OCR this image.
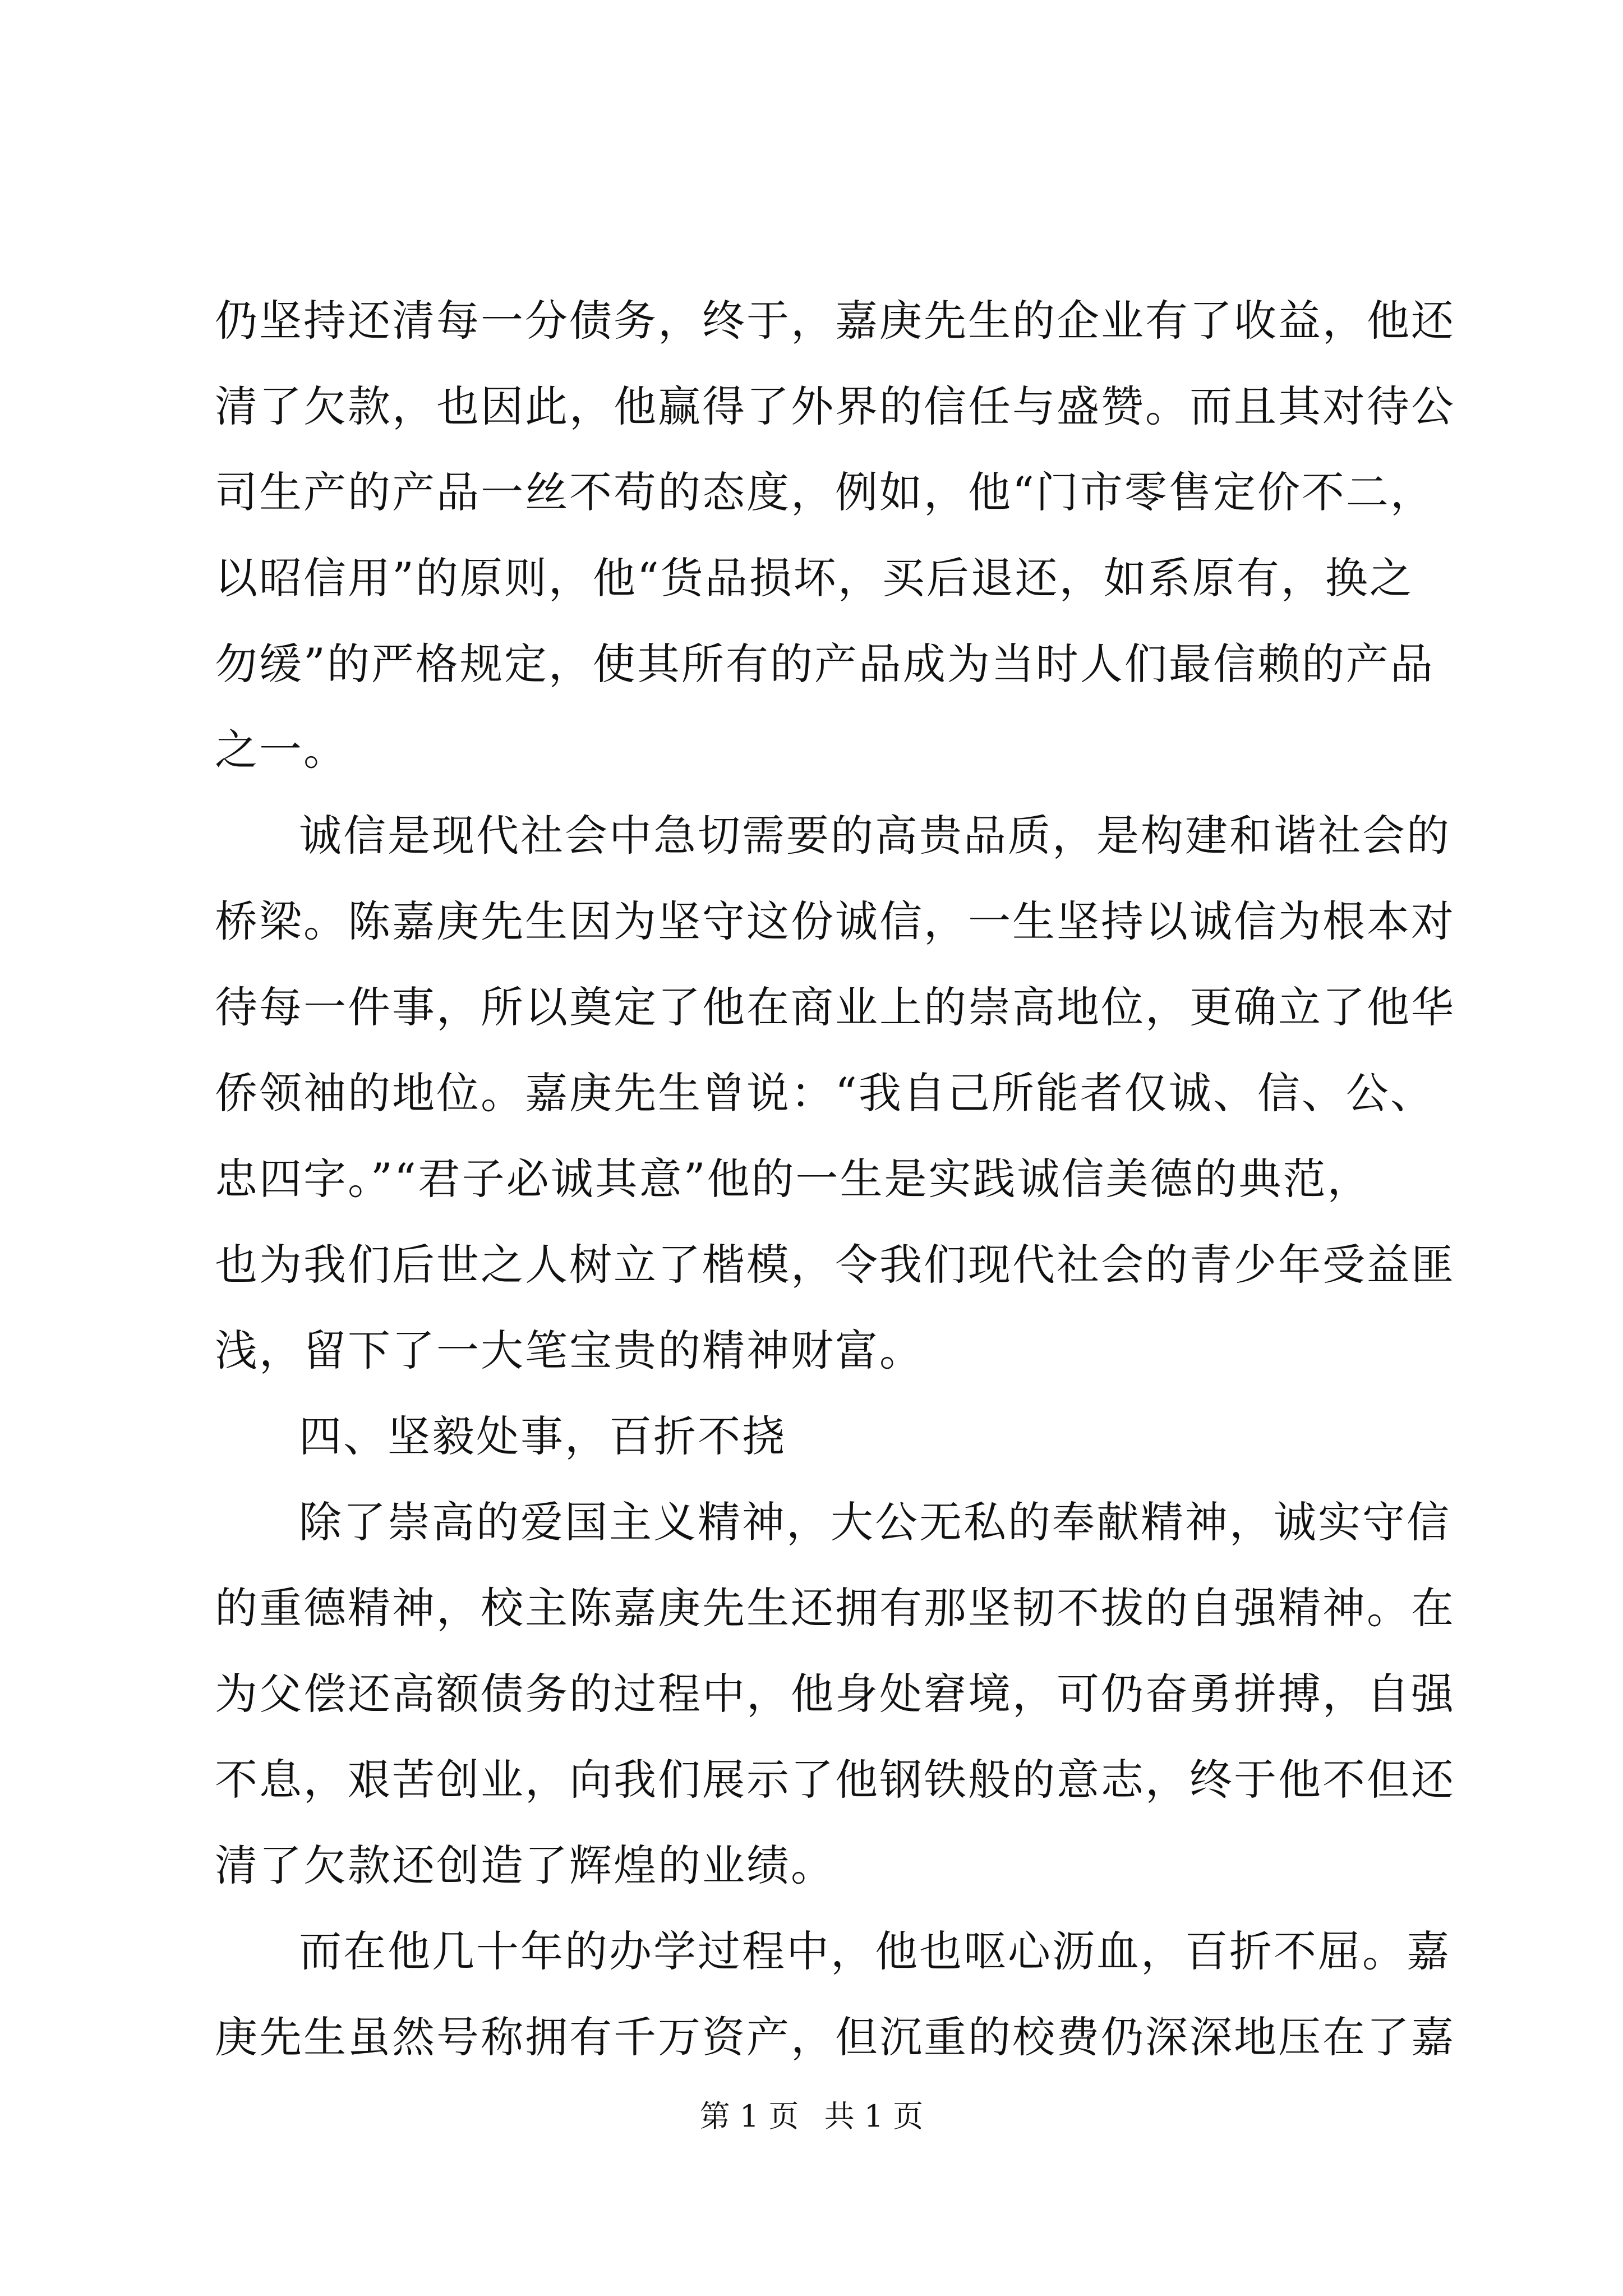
仍坚持还清每一分债务，终于，嘉庚先生的企业有了收益，他还
清了欠款，也因此，他赢得了外界的信任与盛赞。而且其对待公
司生产的产品一丝不苟的态度，例如，他“门市零售定价不二，
以昭信用”的原则，他“货品损坏，买后退还，如系原有，换之
勿缓”的严格规定，使其所有的产品成为当时人们最信赖的产品
之一。
诚信是现代社会中急切需要的高贵品质，是构建和谐社会的
桥梁。陈嘉庚先生因为坚守这份诚信，一生坚持以诚信为根本对
待每一件事，所以奠定了他在商业上的崇高地位，更确立了他华
侨领袖的地位。嘉庚先生曾说：“我自己所能者仅诚、信、公、
忠四字。”“君子必诚其意”他的一生是实践诚信美德的典范，
也为我们后世之人树立了楷模，令我们现代社会的青少年受益匪
浅，留下了一大笔宝贵的精神财富。
四、坚毅处事，百折不挠
除了崇高的爱国主义精神，大公无私的奉献精神，诚实守信
的重德精神，校主陈嘉庚先生还拥有那坚韧不拔的自强精神。在
为父偿还高额债务的过程中，他身处窘境，可仍奋勇拼搏，自强
不息，艰苦创业，向我们展示了他钢铁般的意志，终于他不但还
清了欠款还创造了辉煌的业绩。
而在他几十年的办学过程中，他也呕心沥血，百折不屈。嘉
庚先生虽然号称拥有千万资产，但沉重的校费仍深深地压在了嘉
第 1 页 共 1 页
